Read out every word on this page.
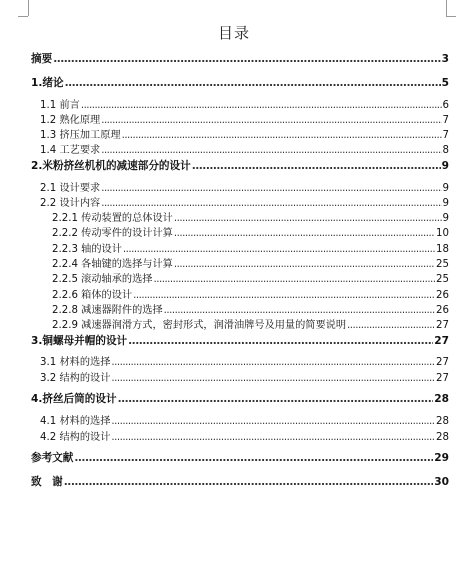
目录
摘要 .....	3
1.绪论 .....	5
1.1 前言 .....	6
1.2 熟化原理 .....	7
1.3 挤压加工原理 .....	7
1.4 工艺要求 .....	8
2.米粉挤丝机机的减速部分的设计 .....	9
2.1 设计要求 .....	9
2.2 设计内容 .....	9
2.2.1 传动装置的总体设计 .....	9
2.2.2 传动零件的设计计算 .....	10
2.2.3 轴的设计 .....	18
2.2.4 各轴键的选择与计算 .....	25
2.2.5 滚动轴承的选择 .....	25
2.2.6 箱体的设计 .....	26
2.2.8 减速器附件的选择 .....	26
2.2.9 减速器润滑方式，密封形式，润滑油牌号及用量的简要说明 .....	27
3.铜螺母并帽的设计 .....	27
3.1 材料的选择 .....	27
3.2 结构的设计 .....	27
4.挤丝后筒的设计 .....	28
4.1 材料的选择 .....	28
4.2 结构的设计 .....	28
参考文献 .....	29
致　谢 .....	30
